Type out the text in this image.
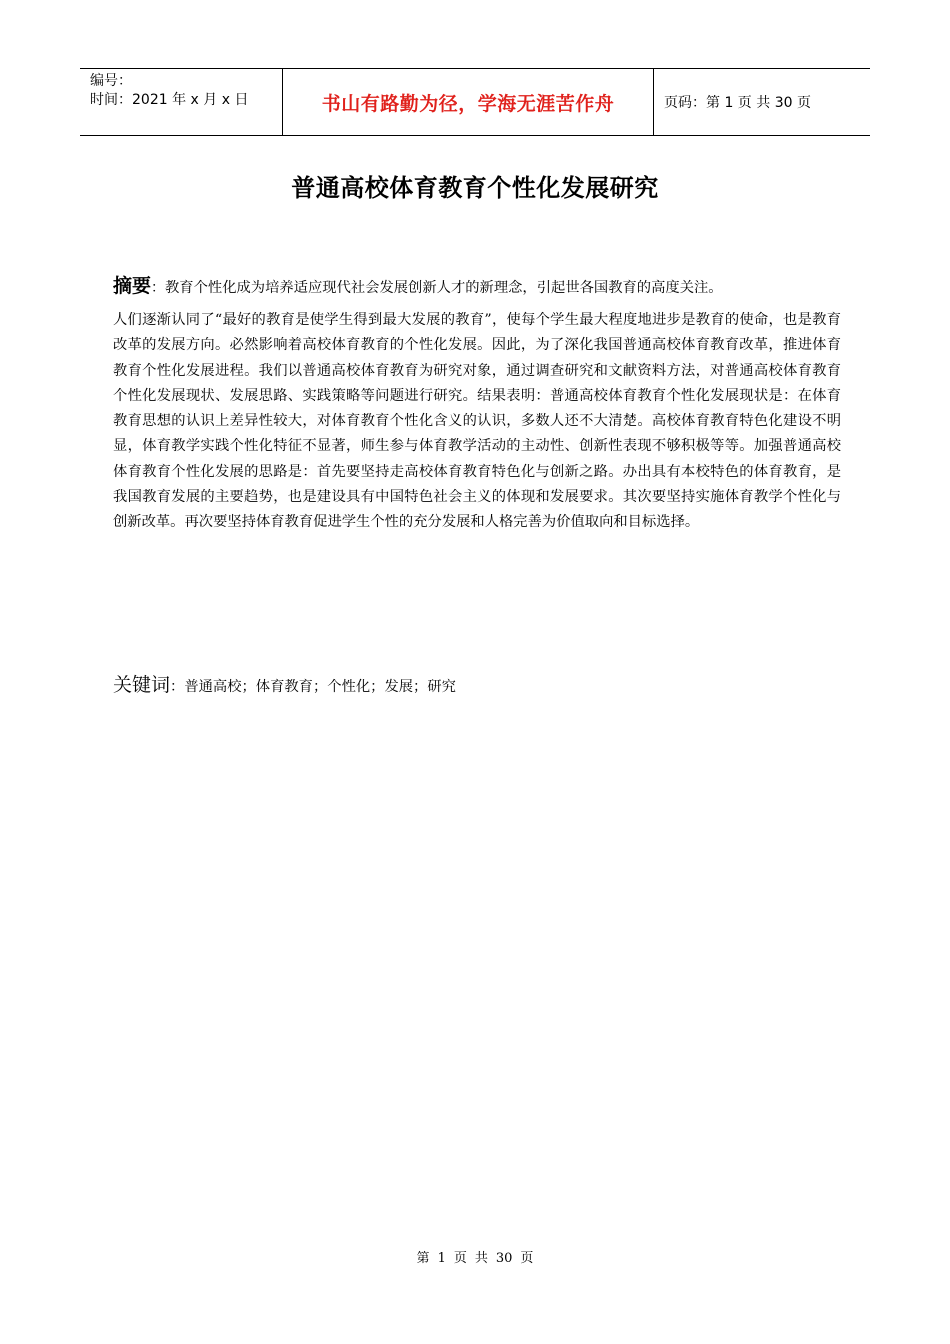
编号：
时间：2021 年 x 月 x 日	书山有路勤为径，学海无涯苦作舟	页码：第 1 页 共 30 页
普通高校体育教育个性化发展研究

摘要：教育个性化成为培养适应现代社会发展创新人才的新理念，引起世各国教育的高度关注。

人们逐渐认同了“最好的教育是使学生得到最大发展的教育”，使每个学生最大程度地进步是教育的使命，也是教育改革的发展方向。必然影响着高校体育教育的个性化发展。因此，为了深化我国普通高校体育教育改革，推进体育教育个性化发展进程。我们以普通高校体育教育为研究对象，通过调查研究和文献资料方法，对普通高校体育教育个性化发展现状、发展思路、实践策略等问题进行研究。结果表明：普通高校体育教育个性化发展现状是：在体育教育思想的认识上差异性较大，对体育教育个性化含义的认识，多数人还不大清楚。高校体育教育特色化建设不明显，体育教学实践个性化特征不显著，师生参与体育教学活动的主动性、创新性表现不够积极等等。加强普通高校体育教育个性化发展的思路是：首先要坚持走高校体育教育特色化与创新之路。办出具有本校特色的体育教育，是我国教育发展的主要趋势，也是建设具有中国特色社会主义的体现和发展要求。其次要坚持实施体育教学个性化与创新改革。再次要坚持体育教育促进学生个性的充分发展和人格完善为价值取向和目标选择。

关键词：普通高校；体育教育；个性化；发展；研究
第 1 页 共 30 页
